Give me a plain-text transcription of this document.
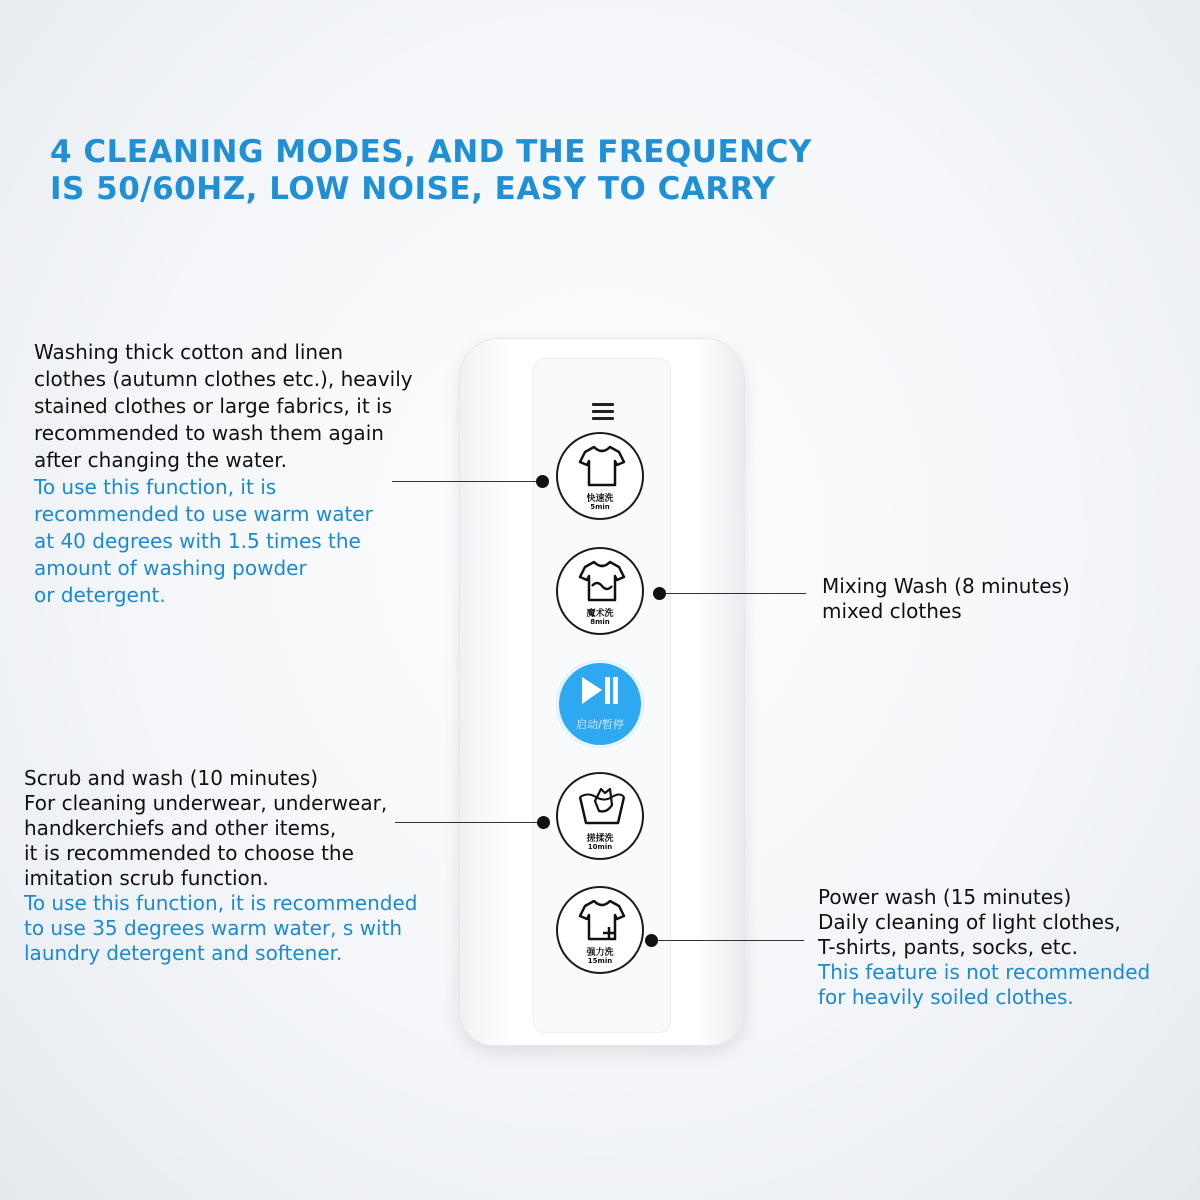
4 CLEANING MODES, AND THE FREQUENCY
IS 50/60HZ, LOW NOISE, EASY TO CARRY
快速洗
5min
魔术洗
8min
启动/暂停
搓揉洗
10min
强力洗
15min

Washing thick cotton and linen

clothes (autumn clothes etc.), heavily

stained clothes or large fabrics, it is

recommended to wash them again

after changing the water.

To use this function, it is

recommended to use warm water

at 40 degrees with 1.5 times the

amount of washing powder

or detergent.	Mixing Wash (8 minutes)

mixed clothes

Scrub and wash (10 minutes)

For cleaning underwear, underwear,

handkerchiefs and other items,

it is recommended to choose the

imitation scrub function.

To use this function, it is recommended

to use 35 degrees warm water, s with

laundry detergent and softener.

Power wash (15 minutes)

Daily cleaning of light clothes,

T-shirts, pants, socks, etc.

This feature is not recommended

for heavily soiled clothes.
